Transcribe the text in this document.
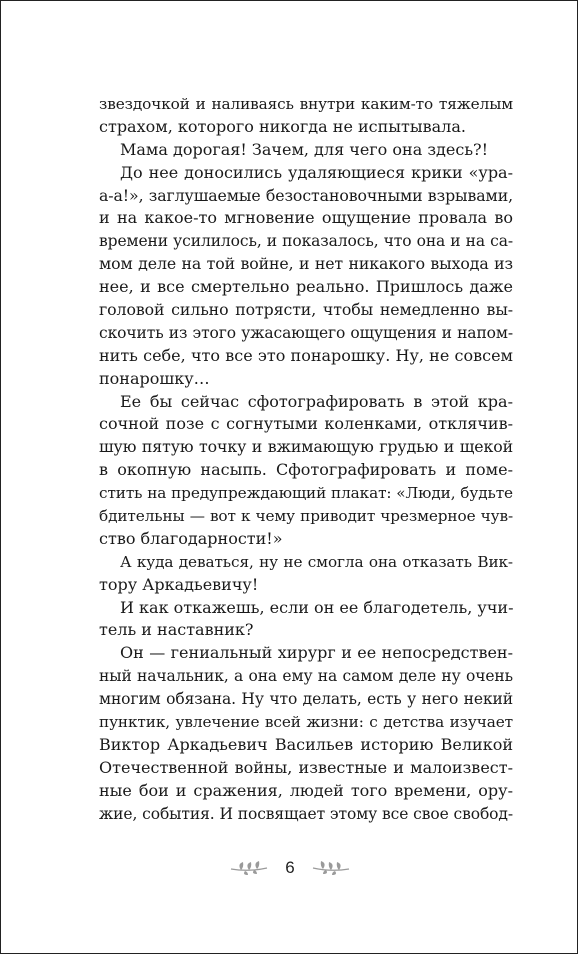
звездочкой и наливаясь внутри каким-то тяжелым
страхом, которого никогда не испытывала.
Мама дорогая! Зачем, для чего она здесь?!
До нее доносились удаляющиеся крики «ура-
а-а!», заглушаемые безостановочными взрывами,
и на какое-то мгновение ощущение провала во
времени усилилось, и показалось, что она и на са-
мом деле на той войне, и нет никакого выхода из
нее, и все смертельно реально. Пришлось даже
головой сильно потрясти, чтобы немедленно вы-
скочить из этого ужасающего ощущения и напом-
нить себе, что все это понарошку. Ну, не совсем
понарошку…
Ее бы сейчас сфотографировать в этой кра-
сочной позе с согнутыми коленками, отклячив-
шую пятую точку и вжимающую грудью и щекой
в окопную насыпь. Сфотографировать и поме-
стить на предупреждающий плакат: «Люди, будьте
бдительны — вот к чему приводит чрезмерное чув-
ство благодарности!»
А куда деваться, ну не смогла она отказать Вик-
тору Аркадьевичу!
И как откажешь, если он ее благодетель, учи-
тель и наставник?
Он — гениальный хирург и ее непосредствен-
ный начальник, а она ему на самом деле ну очень
многим обязана. Ну что делать, есть у него некий
пунктик, увлечение всей жизни: с детства изучает
Виктор Аркадьевич Васильев историю Великой
Отечественной войны, известные и малоизвест-
ные бои и сражения, людей того времени, ору-
жие, события. И посвящает этому все свое свобод-
6
